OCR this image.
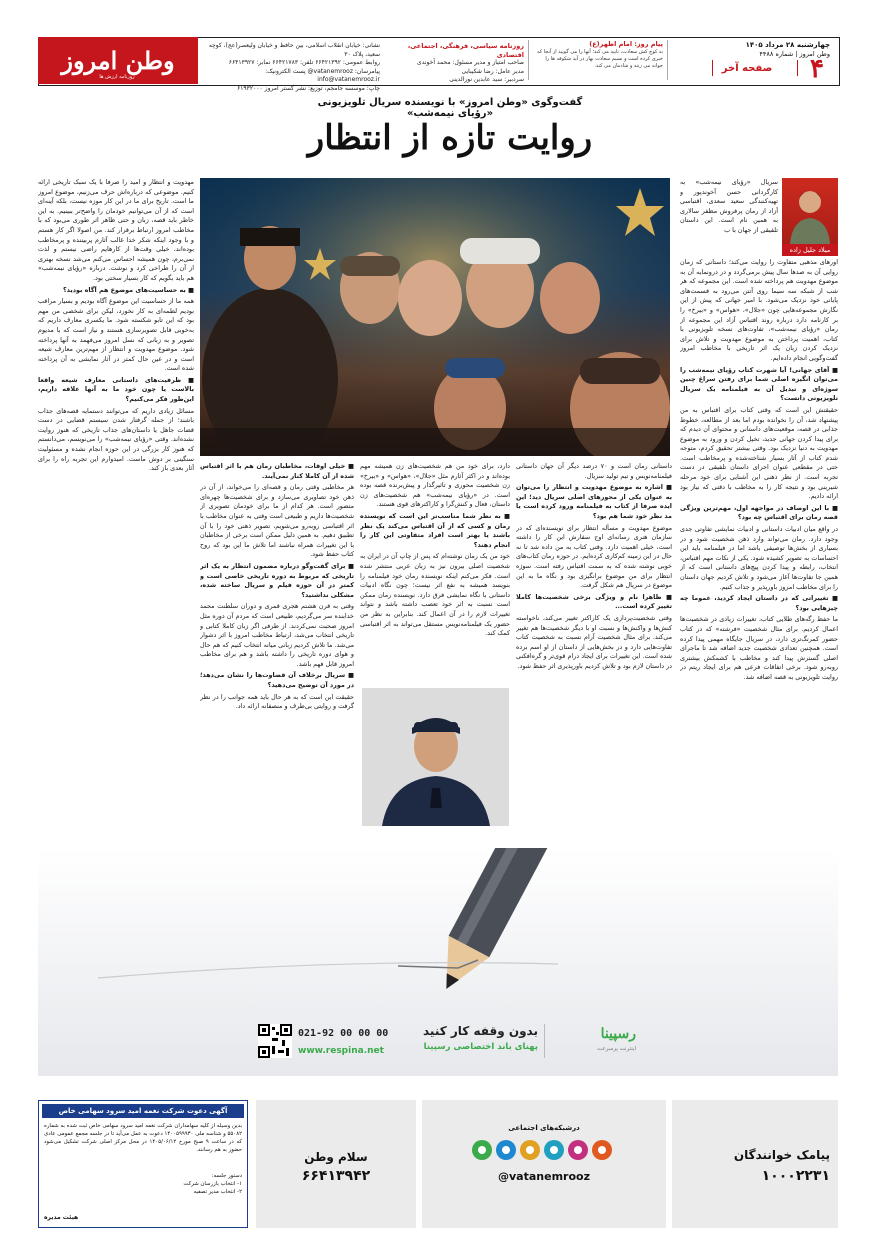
وطن امروز
روزنامه ارزش ها
نشانی: خیابان انقلاب اسلامی، بین حافظ و خیابان ولیعصر(عج)، کوچه سعید، پلاک ۳۰
روابط عمومی: ۶۶۴۲۱۳۹۲ تلفن: ۶۶۴۲۱۷۸۳ نمابر: ۶۶۴۱۳۹۲۷
پیامرسان: vatanemrooz@ پست الکترونیک: info@vatanemrooz.ir
چاپ: موسسه جامجم، توزیع: نشر گستر امروز ۶۱۹۳۲۰۰۰
روزنامه سیاسی، فرهنگی، اجتماعی، اقتصادی
صاحب امتیاز و مدیر مسئول: محمد آخوندی
مدیر عامل: رضا شکیبایی
سردبیر: سید عابدین نورالدینی
پیام روز: امام اظهر(ع)
به کوچ کش سعادت، تایید می کند؛ آنها را می گویید از آنجا که خبری کرده است و نسیم سعادت بهار در آید شکوفه ها را جوانه می زنند و شادمان می کند.
چهارشنبه ۲۸ مرداد ۱۴۰۵
وطن امروز | شماره ۴۴۸۸
۴
صفحه آخر
گفت‌وگوی «وطن امروز» با نویسنده سریال تلویزیونی «رؤیای نیمه‌شب»
روایت تازه از انتظار
میلاد جلیل زاده
سریال «رؤیای نیمه‌شب» به کارگردانی حسن آخوندپور و تهیه‌کنندگی سعید سعدی، اقتباسی آزاد از رمان پرفروش مظفر سالاری به همین نام است. این داستان تلفیقی از جهان با ب

اورهای مذهبی متفاوت را روایت می‌کند؛ داستانی که زمان روایی آن به صدها سال پیش برمی‌گردد و در درونمایه آن به موضوع مهدویت هم پرداخته شده است. این مجموعه که هر شب از شبکه سه سیما روی آنتن می‌رود به قسمت‌های پایانی خود نزدیک می‌شود. با امیر جهانی که پیش از این نگارش مجموعه‌هایی چون «جلال»، «هواس» و «بیرخ» را بر کارنامه دارد درباره روند اقتباس آزاد این مجموعه از رمان «رؤیای نیمه‌شب»، تفاوت‌های نسخه تلویزیونی با کتاب، اهمیت پرداختن به موضوع مهدویت و تلاش برای نزدیک کردن زبان یک اثر تاریخی با مخاطب امروز گفت‌وگویی انجام داده‌ایم.

■ آقای جهانی! آیا شهرت کتاب رؤیای نیمه‌شب را می‌توان انگیزه اصلی شما برای رفتن سراغ چنین سوژه‌ای و تبدیل آن به فیلمنامه یک سریال تلویزیونی دانست؟

حقیقتش این است که وقتی کتاب برای اقتباس به من پیشنهاد شد، آن را نخوانده بودم اما بعد از مطالعه، خطوط جذابی در قصه، موقعیت‌های داستانی و محتوای آن دیدم که برای پیدا کردن جهانی جدید، تخیل کردن و ورود به موضوع مهدویت به دنیا نزدیک بود. وقتی بیشتر تحقیق کردم، متوجه شدم کتاب از آثار بسیار شناخته‌شده و پرمخاطب است. حتی در مقطعی عنوان اجرای داستان تلفیقی در دست تجربه است. از نظر ذهنی این آشنایی برای خود مرحله شیرینی بود و نتیجه کار را به مخاطب با دقتی که نیاز بود ارائه دادیم.

■ با این اوصاف در مواجهه اول، مهم‌ترین ویژگی قصه رمان برای اقتباس چه بود؟

در واقع میان ادبیات داستانی و ادبیات نمایشی تفاوتی جدی وجود دارد. رمان می‌تواند وارد ذهن شخصیت شود و در بسیاری از بخش‌ها توصیفی باشد اما در فیلمنامه باید این احساسات به تصویر کشیده شود. یکی از نکات مهم اقتباس، انتخاب، رابطه و پیدا کردن پیچ‌های داستانی است که از همین جا تفاوت‌ها آغاز می‌شود و تلاش کردیم جهان داستان را برای مخاطب امروز باورپذیر و جذاب کنیم.

■ تغییراتی که در داستان ایجاد کردید، عموما چه چیزهایی بود؟

ما حفظ رگه‌های طلایی کتاب، تغییرات زیادی در شخصیت‌ها اعمال کردیم. برای مثال شخصیت «فرشته» که در کتاب حضور کمرنگ‌تری دارد، در سریال جایگاه مهمی پیدا کرده است. همچنین تعدادی شخصیت جدید اضافه شد تا ماجرای اصلی گسترش پیدا کند و مخاطب با کشمکش بیشتری روبه‌رو شود. برخی اتفاقات فرعی هم برای ایجاد ریتم در روایت تلویزیونی به قصه اضافه شد.

داستانی رمان است و ۷۰ درصد دیگر آن جهان داستانی فیلمنامه‌نویس و تیم تولید سریال.

■ اشاره به موضوع مهدویت و انتظار را می‌توان به عنوان یکی از محورهای اصلی سریال دید؛ این ایده صرفا از کتاب به فیلمنامه ورود کرده است یا مد نظر خود شما هم بود؟

موضوع مهدویت و مسأله انتظار برای نویسنده‌ای که در سازمان هنری رسانه‌ای اوج سفارش این کار را داشته است، خیلی اهمیت دارد. وقتی کتاب به من داده شد تا نه حال در این زمینه کم‌کاری کرده‌ایم. در حوزه رمان کتاب‌های خوبی نوشته شده که به سمت اقتباس رفته است. سوژه انتظار برای من موضوع برانگیزی بود و نگاه ما به این موضوع در سریال هم شکل گرفت.

■ ظاهرا نام و ویژگی برخی شخصیت‌ها کاملا تغییر کرده است...

وقتی شخصیت‌پردازی یک کاراکتر تغییر می‌کند، ناخواسته کنش‌ها و واکنش‌ها و نسبت او با دیگر شخصیت‌ها هم تغییر می‌کند. برای مثال شخصیت آرام نسبت به شخصیت کتاب تفاوت‌هایی دارد و در بخش‌هایی از داستان از او اسم برده شده است. این تغییرات برای ایجاد درام قوی‌تر و گره‌افکنی در داستان لازم بود و تلاش کردیم باورپذیری اثر حفظ شود.

دارد، برای خود من هم شخصیت‌های زن همیشه مهم بوده‌اند و در اکثر آثارم مثل «جلال»، «هواس» و «بیرخ» زن شخصیت محوری و تاثیرگذار و پیش‌برنده قصه بوده است. در «رؤیای نیمه‌شب» هم شخصیت‌های زن داستان، فعال و کنش‌گرا و کاراکترهای قوی هستند.

■ به نظر شما مناسب‌تر این است که نویسنده رمان و کسی که از آن اقتباس می‌کند یک نظر باشند یا بهتر است افراد متفاوتی این کار را انجام دهند؟

خود من یک رمان نوشته‌ام که پس از چاپ آن در ایران به شخصیت اصلی بیرون نیز به زبان عربی منتشر شده است. فکر می‌کنم اینکه نویسنده رمان خود فیلمنامه را بنویسد همیشه به نفع اثر نیست؛ چون نگاه ادبیات داستانی با نگاه نمایشی فرق دارد. نویسنده رمان ممکن است نسبت به اثر خود تعصب داشته باشد و نتواند تغییرات لازم را در آن اعمال کند. بنابراین به نظر من حضور یک فیلمنامه‌نویس مستقل می‌تواند به اثر اقتباسی کمک کند.

■ خیلی اوقات، مخاطبان رمان هم با اثر اقتباس شده از آن کاملا کنار نمی‌آیند.

هر مخاطبی وقتی رمان و قصه‌ای را می‌خواند، از آن در ذهن خود تصاویری می‌سازد و برای شخصیت‌ها چهره‌ای متصور است. هر کدام از ما برای خودمان تصویری از شخصیت‌ها داریم و طبیعی است وقتی به عنوان مخاطب با اثر اقتباسی روبه‌رو می‌شویم، تصویر ذهنی خود را با آن تطبیق دهیم. به همین دلیل ممکن است برخی از مخاطبان با این تغییرات همراه نباشند اما تلاش ما این بود که روح کتاب حفظ شود.

■ برای گفت‌وگو درباره مضمون انتظار به یک اثر تاریخی که مربوط به دوره تاریخی خاصی است و کمتر در آن حوزه فیلم و سریال ساخته شده، مشکلی نداشتید؟

وقتی به قرن هشتم هجری قمری و دوران سلطنت محمد خدابنده سر می‌گردیم، طبیعی است که مردم آن دوره مثل امروز صحبت نمی‌کردند. از طرفی اگر زبان کاملا کتابی و تاریخی انتخاب می‌شد، ارتباط مخاطب امروز با اثر دشوار می‌شد. ما تلاش کردیم زبانی میانه انتخاب کنیم که هم حال و هوای دوره تاریخی را داشته باشد و هم برای مخاطب امروز قابل فهم باشد.

■ سریال برخلاف آن قضاوت‌ها را نشان می‌دهد؛ در مورد آن توضیح می‌دهید؟

حقیقت این است که به هر حال باید همه جوانب را در نظر گرفت و روایتی بی‌طرف و منصفانه ارائه داد.

مهدویت و انتظار و امید را صرفا با یک سبک تاریخی ارائه کنیم. موضوعی که درباره‌اش حرف می‌زنیم، موضوع امروز ما است. تاریخ برای ما در این کار موزه نیست، بلکه آینه‌ای است که از آن می‌توانیم خودمان را واضح‌تر ببینیم. به این خاطر باید قصه، زبان و حتی ظاهر اثر طوری می‌بود که با مخاطب امروز ارتباط برقرار کند. من اصولا اگر کار هستم و با وجود اینکه شکر خدا غالب آثارم پربیننده و پرمخاطب بوده‌اند، خیلی وقت‌ها از کارهایم راضی نیستم و لذت نمی‌برم، چون همیشه احساس می‌کنم می‌شد نسخه بهتری از آن را طراحی کرد و نوشت. درباره «رؤیای نیمه‌شب» هم باید بگویم که کار بسیار سختی بود.

■ به حساسیت‌های موضوع هم آگاه بودید؟

همه ما از حساسیت این موضوع آگاه بودیم و بسیار مراقب بودیم لطمه‌ای به کار نخورد، لیکن برای شخصی من مهم بود که این تابو شکسته شود. ما یکسری معارف داریم که به‌خوبی قابل تصویرسازی هستند و نیاز است که با مدیوم تصویر و به زبانی که نسل امروز می‌فهمد به آنها پرداخته شود. موضوع مهدویت و انتظار از مهم‌ترین معارف شیعه است و در عین حال کمتر در آثار نمایشی به آن پرداخته شده است.

■ ظرفیت‌های داستانی معارف شیعه واقعا بالاست یا چون خود ما به آنها علاقه داریم، این‌طور فکر می‌کنیم؟

مسائل زیادی داریم که می‌توانند دستمایه قصه‌های جذاب باشند؛ از جمله گرفتار شدن سیستم قضایی در دست قضات جاهل یا داستان‌های جذاب تاریخی که هنوز روایت نشده‌اند. وقتی «رؤیای نیمه‌شب» را می‌نویسم، می‌دانستم که هنوز کار بزرگی در این حوزه انجام نشده و مسئولیت سنگینی بر دوش ماست. امیدوارم این تجربه راه را برای آثار بعدی باز کند.

بدون وقفه کار کنید
پهنای باند اختصاصی رسپینا
رسپینا
اینترنت پرسرعت
021-92 00 00 00
www.respina.net
پیامک خوانندگان
۱۰۰۰۲۲۳۱
درشبکه‌های اجتماعی
@vatanemrooz
سلام وطن
۶۶۴۱۳۹۴۲
آگهی دعوت شرکت نغمه امید سرود سهامی خاص
بدین وسیله از کلیه سهامداران شرکت نغمه امید سرود سهامی خاص ثبت شده به شماره ۵۵۰۸۲ و شناسه ملی ۱۴۰۰۵۹۹۹۳۰ دعوت به عمل می‌آید تا در جلسه مجمع عمومی عادی که در ساعت ۹ صبح مورخ ۱۴۰۵/۰۶/۱۲ در محل مرکز اصلی شرکت تشکیل می‌شود حضور به هم رسانند.
دستور جلسه:
۱- انتخاب بازرسان شرکت
۲- انتخاب مدیر تصفیه
هیئت مدیره
